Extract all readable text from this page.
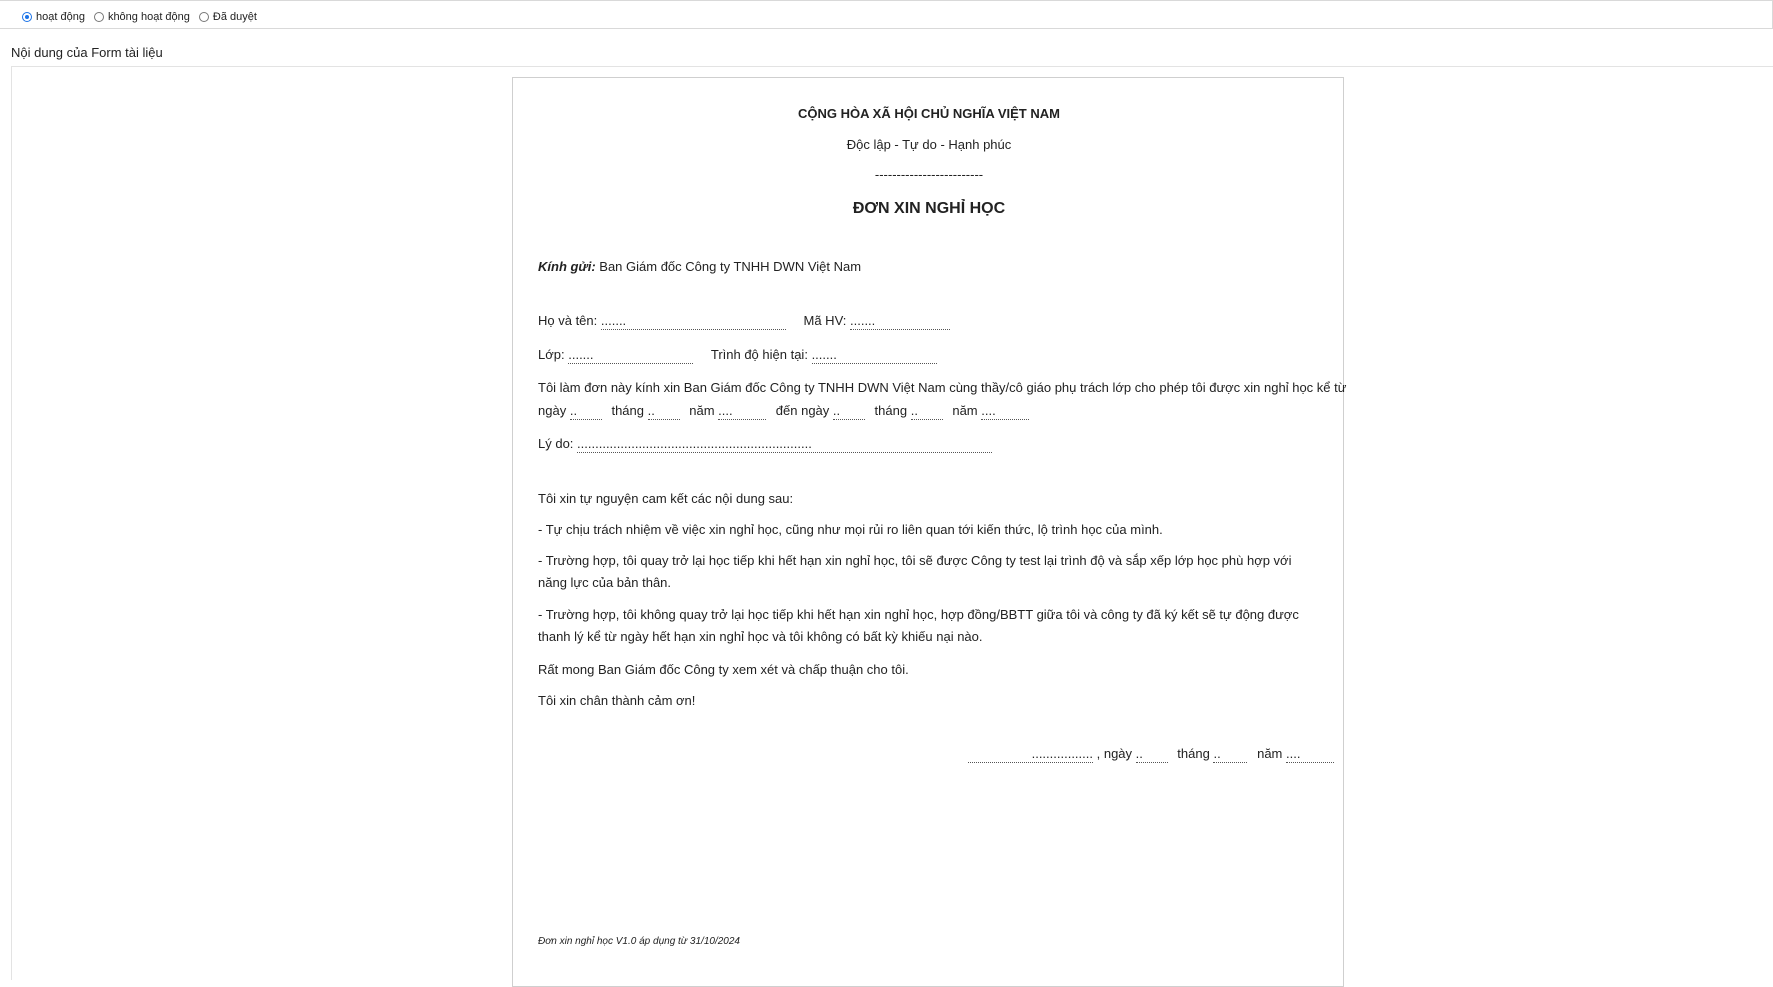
hoạt động không hoạt động Đã duyệt
Nội dung của Form tài liệu
CỘNG HÒA XÃ HỘI CHỦ NGHĨA VIỆT NAM
Độc lập - Tự do - Hạnh phúc
-------------------------
ĐƠN XIN NGHỈ HỌC
Kính gửi: Ban Giám đốc Công ty TNHH DWN Việt Nam
Họ và tên: .......	Mã HV: .......
Lớp: .......	Trình độ hiện tại: .......
Tôi làm đơn này kính xin Ban Giám đốc Công ty TNHH DWN Việt Nam cùng thầy/cô giáo phụ trách lớp cho phép tôi được xin nghỉ học kể từ
ngày ..	tháng ..	năm ....	đến ngày ..	tháng ..	năm ....
Lý do: .................................................................
Tôi xin tự nguyện cam kết các nội dung sau:
- Tự chịu trách nhiệm về việc xin nghỉ học, cũng như mọi rủi ro liên quan tới kiến thức, lộ trình học của mình.
- Trường hợp, tôi quay trở lại học tiếp khi hết hạn xin nghỉ học, tôi sẽ được Công ty test lại trình độ và sắp xếp lớp học phù hợp với năng lực của bản thân.
- Trường hợp, tôi không quay trở lại học tiếp khi hết hạn xin nghỉ học, hợp đồng/BBTT giữa tôi và công ty đã ký kết sẽ tự động được thanh lý kể từ ngày hết hạn xin nghỉ học và tôi không có bất kỳ khiếu nại nào.
Rất mong Ban Giám đốc Công ty xem xét và chấp thuận cho tôi.
Tôi xin chân thành cảm ơn!
................. , ngày ..	tháng ..	năm ....
Đơn xin nghỉ học V1.0 áp dụng từ 31/10/2024
